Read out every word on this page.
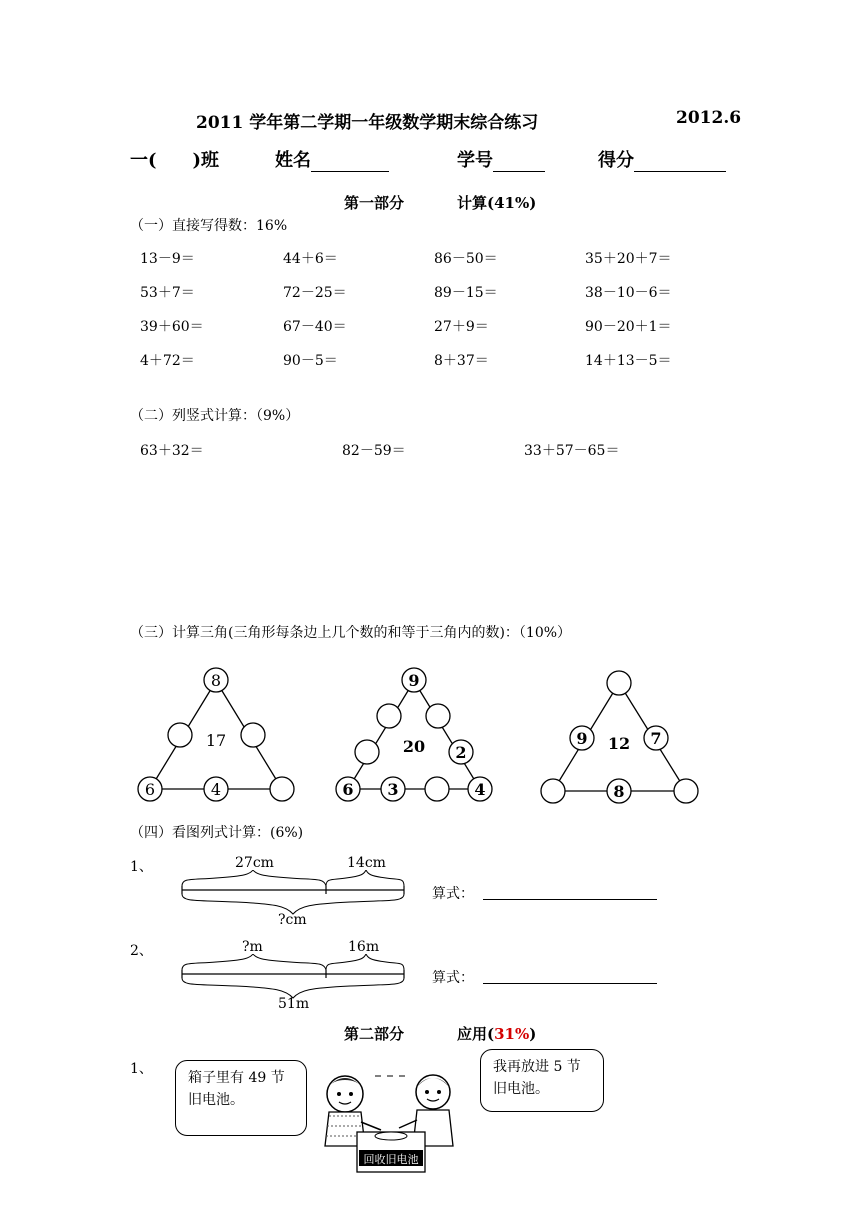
2011 学年第二学期一年级数学期末综合练习	2012.6
一(　　)班	姓名	学号	得分
第一部分	计算(41%)
（一）直接写得数：16%
13－9＝	44＋6＝	86－50＝	35＋20＋7＝
53＋7＝	72－25＝	89－15＝	38－10－6＝
39＋60＝	67－40＝	27＋9＝	90－20＋1＝
4＋72＝	90－5＝	8＋37＝	14＋13－5＝
（二）列竖式计算：（9%）
63＋32＝	82－59＝	33＋57－65＝
（三）计算三角(三角形每条边上几个数的和等于三角内的数)：（10%）
8
6	4
17
9
2
6 3	4
20	9	7
8
12
（四）看图列式计算：(6%)
1、	27cm	14cm
?cm
算式：
2、	?m	16m
51m
算式：
第二部分	应用(31%)
1、
箱子里有 49 节旧电池。
我再放进 5 节旧电池。
回收旧电池
